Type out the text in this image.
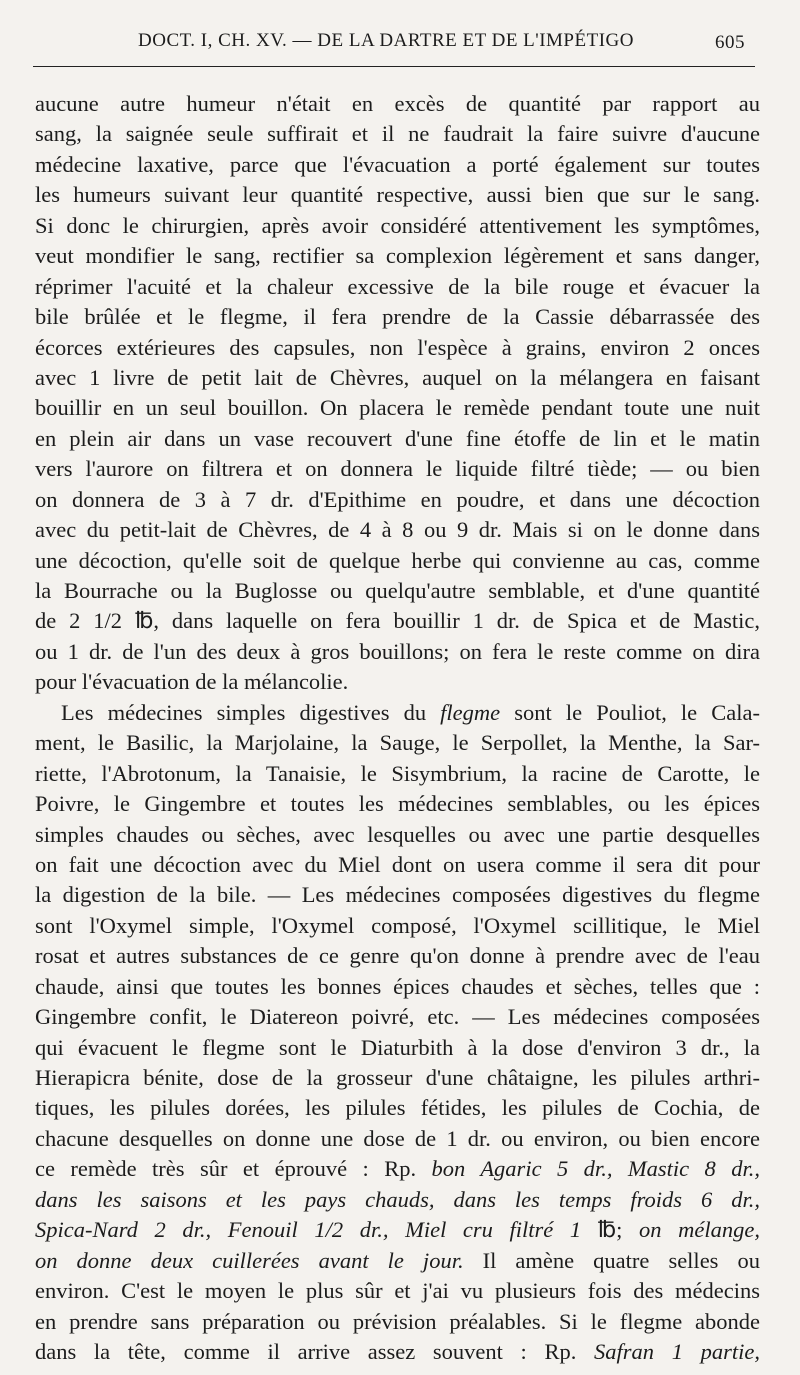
DOCT. I, CH. XV. — DE LA DARTRE ET DE L'IMPÉTIGO	605
aucune autre humeur n'était en excès de quantité par rapport au
sang, la saignée seule suffirait et il ne faudrait la faire suivre d'aucune
médecine laxative, parce que l'évacuation a porté également sur toutes
les humeurs suivant leur quantité respective, aussi bien que sur le sang.
Si donc le chirurgien, après avoir considéré attentivement les symptômes,
veut mondifier le sang, rectifier sa complexion légèrement et sans danger,
réprimer l'acuité et la chaleur excessive de la bile rouge et évacuer la
bile brûlée et le flegme, il fera prendre de la Cassie débarrassée des
écorces extérieures des capsules, non l'espèce à grains, environ 2 onces
avec 1 livre de petit lait de Chèvres, auquel on la mélangera en faisant
bouillir en un seul bouillon. On placera le remède pendant toute une nuit
en plein air dans un vase recouvert d'une fine étoffe de lin et le matin
vers l'aurore on filtrera et on donnera le liquide filtré tiède; — ou bien
on donnera de 3 à 7 dr. d'Epithime en poudre, et dans une décoction
avec du petit-lait de Chèvres, de 4 à 8 ou 9 dr. Mais si on le donne dans
une décoction, qu'elle soit de quelque herbe qui convienne au cas, comme
la Bourrache ou la Buglosse ou quelqu'autre semblable, et d'une quantité
de 2 1/2 ℔, dans laquelle on fera bouillir 1 dr. de Spica et de Mastic,
ou 1 dr. de l'un des deux à gros bouillons; on fera le reste comme on dira
pour l'évacuation de la mélancolie.
Les médecines simples digestives du flegme sont le Pouliot, le Cala-
ment, le Basilic, la Marjolaine, la Sauge, le Serpollet, la Menthe, la Sar-
riette, l'Abrotonum, la Tanaisie, le Sisymbrium, la racine de Carotte, le
Poivre, le Gingembre et toutes les médecines semblables, ou les épices
simples chaudes ou sèches, avec lesquelles ou avec une partie desquelles
on fait une décoction avec du Miel dont on usera comme il sera dit pour
la digestion de la bile. — Les médecines composées digestives du flegme
sont l'Oxymel simple, l'Oxymel composé, l'Oxymel scillitique, le Miel
rosat et autres substances de ce genre qu'on donne à prendre avec de l'eau
chaude, ainsi que toutes les bonnes épices chaudes et sèches, telles que :
Gingembre confit, le Diatereon poivré, etc. — Les médecines composées
qui évacuent le flegme sont le Diaturbith à la dose d'environ 3 dr., la
Hierapicra bénite, dose de la grosseur d'une châtaigne, les pilules arthri-
tiques, les pilules dorées, les pilules fétides, les pilules de Cochia, de
chacune desquelles on donne une dose de 1 dr. ou environ, ou bien encore
ce remède très sûr et éprouvé : Rp. bon Agaric 5 dr., Mastic 8 dr.,
dans les saisons et les pays chauds, dans les temps froids 6 dr.,
Spica-Nard 2 dr., Fenouil 1/2 dr., Miel cru filtré 1 ℔; on mélange,
on donne deux cuillerées avant le jour. Il amène quatre selles ou
environ. C'est le moyen le plus sûr et j'ai vu plusieurs fois des médecins
en prendre sans préparation ou prévision préalables. Si le flegme abonde
dans la tête, comme il arrive assez souvent : Rp. Safran 1 partie,
